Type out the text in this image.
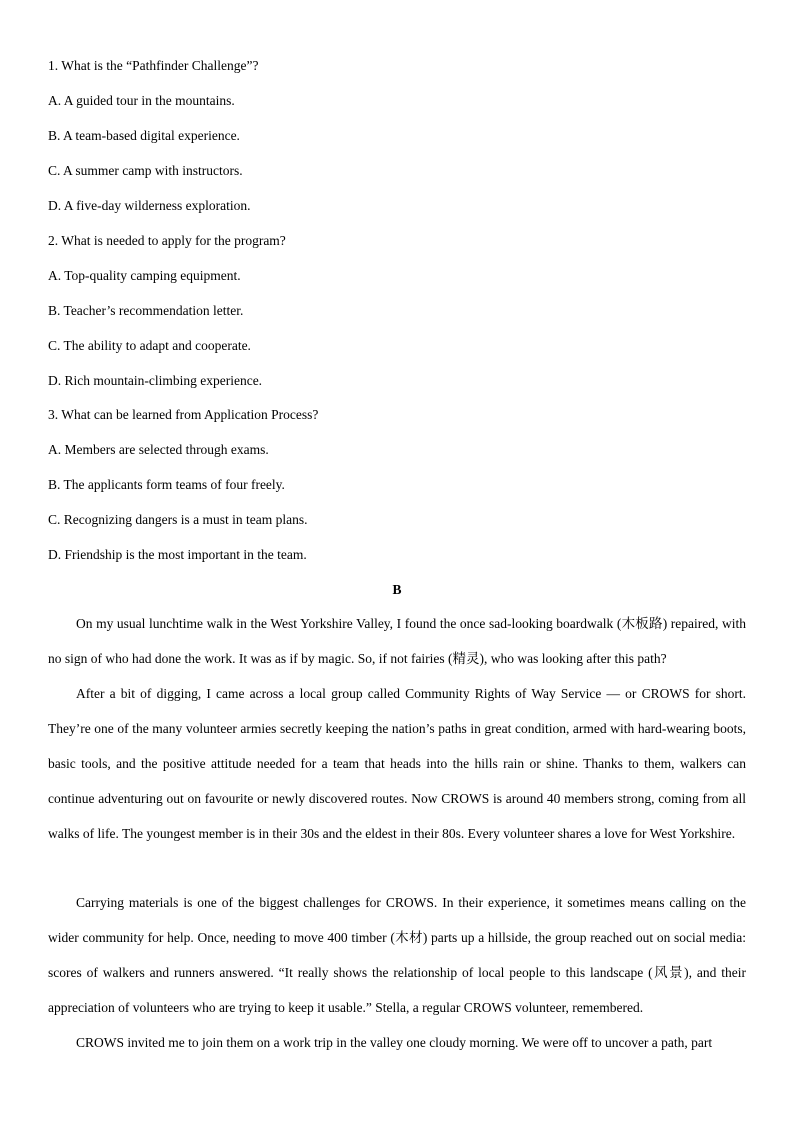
1. What is the “Pathfinder Challenge”?
A. A guided tour in the mountains.
B. A team-based digital experience.
C. A summer camp with instructors.
D. A five-day wilderness exploration.
2. What is needed to apply for the program?
A. Top-quality camping equipment.
B. Teacher’s recommendation letter.
C. The ability to adapt and cooperate.
D. Rich mountain-climbing experience.
3. What can be learned from Application Process?
A. Members are selected through exams.
B. The applicants form teams of four freely.
C. Recognizing dangers is a must in team plans.
D. Friendship is the most important in the team.
B

On my usual lunchtime walk in the West Yorkshire Valley, I found the once sad-looking boardwalk (木板路) repaired, with no sign of who had done the work. It was as if by magic. So, if not fairies (精灵), who was looking after this path?

After a bit of digging, I came across a local group called Community Rights of Way Service — or CROWS for short. They’re one of the many volunteer armies secretly keeping the nation’s paths in great condition, armed with hard-wearing boots, basic tools, and the positive attitude needed for a team that heads into the hills rain or shine. Thanks to them, walkers can continue adventuring out on favourite or newly discovered routes. Now CROWS is around 40 members strong, coming from all walks of life. The youngest member is in their 30s and the eldest in their 80s. Every volunteer shares a love for West Yorkshire.

Carrying materials is one of the biggest challenges for CROWS. In their experience, it sometimes means calling on the wider community for help. Once, needing to move 400 timber (木材) parts up a hillside, the group reached out on social media: scores of walkers and runners answered. “It really shows the relationship of local people to this landscape (风景), and their appreciation of volunteers who are trying to keep it usable.” Stella, a regular CROWS volunteer, remembered.

CROWS invited me to join them on a work trip in the valley one cloudy morning. We were off to uncover a path, part
